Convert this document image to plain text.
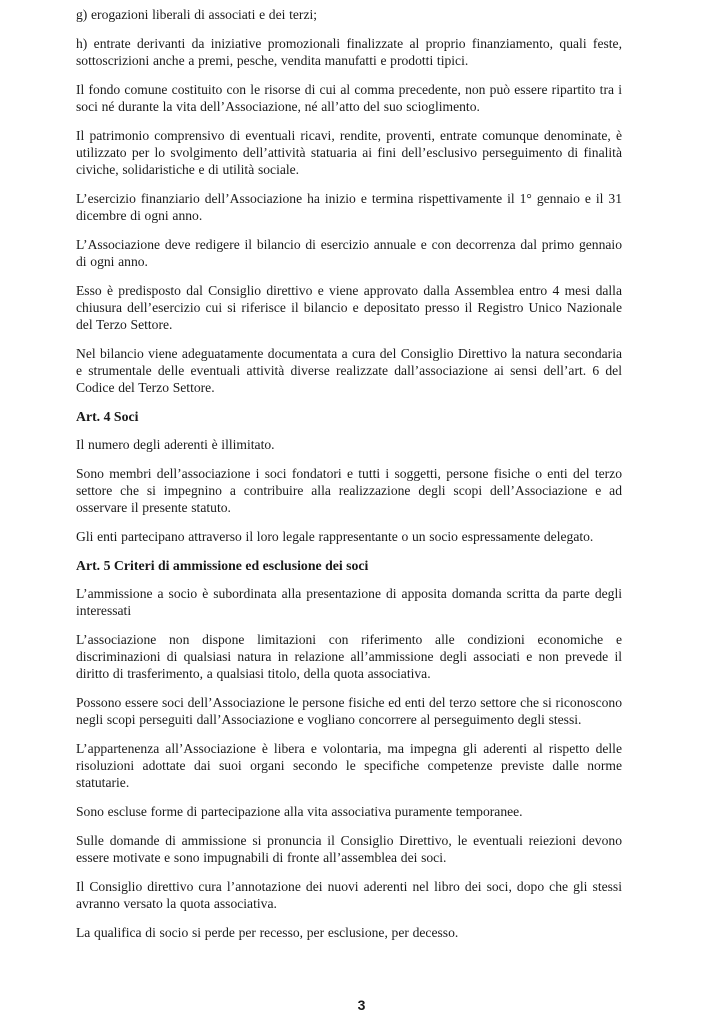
g) erogazioni liberali di associati e dei terzi;

h) entrate derivanti da iniziative promozionali finalizzate al proprio finanziamento, quali feste, sottoscrizioni anche a premi, pesche, vendita manufatti e prodotti tipici.

Il fondo comune costituito con le risorse di cui al comma precedente, non può essere ripartito tra i soci né durante la vita dell’Associazione, né all’atto del suo scioglimento.

Il patrimonio comprensivo di eventuali ricavi, rendite, proventi, entrate comunque denominate, è utilizzato per lo svolgimento dell’attività statuaria ai fini dell’esclusivo perseguimento di finalità civiche, solidaristiche e di utilità sociale.

L’esercizio finanziario dell’Associazione ha inizio e termina rispettivamente il 1° gennaio e il 31 dicembre di ogni anno.

L’Associazione deve redigere il bilancio di esercizio annuale e con decorrenza dal primo gennaio di ogni anno.

Esso è predisposto dal Consiglio direttivo e viene approvato dalla Assemblea entro 4 mesi dalla chiusura dell’esercizio cui si riferisce il bilancio e depositato presso il Registro Unico Nazionale del Terzo Settore.

Nel bilancio viene adeguatamente documentata a cura del Consiglio Direttivo la natura secondaria e strumentale delle eventuali attività diverse realizzate dall’associazione ai sensi dell’art. 6 del Codice del Terzo Settore.

Art. 4 Soci

Il numero degli aderenti è illimitato.

Sono membri dell’associazione i soci fondatori e tutti i soggetti, persone fisiche o enti del terzo settore che si impegnino a contribuire alla realizzazione degli scopi dell’Associazione e ad osservare il presente statuto.

Gli enti partecipano attraverso il loro legale rappresentante o un socio espressamente delegato.

Art. 5 Criteri di ammissione ed esclusione dei soci

L’ammissione a socio è subordinata alla presentazione di apposita domanda scritta da parte degli interessati

L’associazione non dispone limitazioni con riferimento alle condizioni economiche e discriminazioni di qualsiasi natura in relazione all’ammissione degli associati e non prevede il diritto di trasferimento, a qualsiasi titolo, della quota associativa.

Possono essere soci dell’Associazione le persone fisiche ed enti del terzo settore che si riconoscono negli scopi perseguiti dall’Associazione e vogliano concorrere al perseguimento degli stessi.

L’appartenenza all’Associazione è libera e volontaria, ma impegna gli aderenti al rispetto delle risoluzioni adottate dai suoi organi secondo le specifiche competenze previste dalle norme statutarie.

Sono escluse forme di partecipazione alla vita associativa puramente temporanee.

Sulle domande di ammissione si pronuncia il Consiglio Direttivo, le eventuali reiezioni devono essere motivate e sono impugnabili di fronte all’assemblea dei soci.

Il Consiglio direttivo cura l’annotazione dei nuovi aderenti nel libro dei soci, dopo che gli stessi avranno versato la quota associativa.

La qualifica di socio si perde per recesso, per esclusione, per decesso.

3
